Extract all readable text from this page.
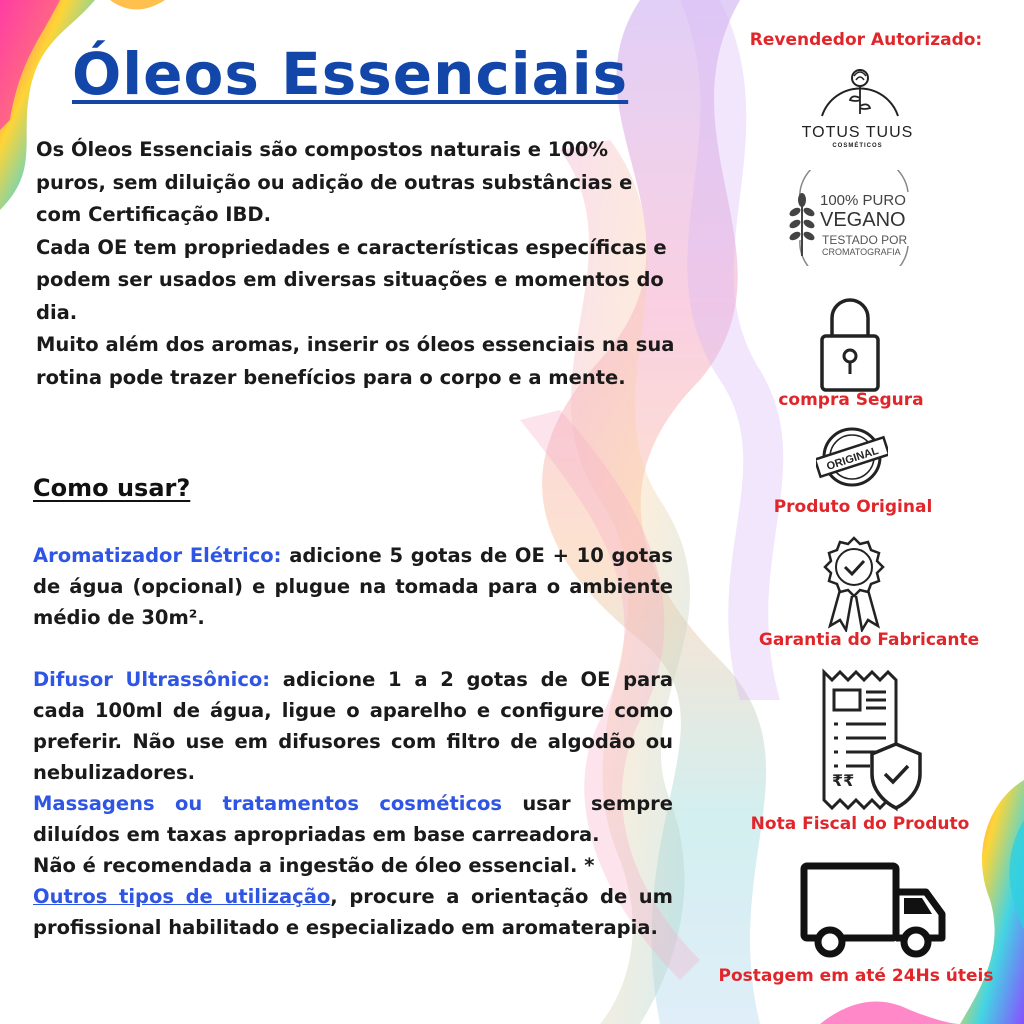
Óleos Essenciais

Os Óleos Essenciais são compostos naturais e 100% puros, sem diluição ou adição de outras substâncias e com Certificação IBD.

Cada OE tem propriedades e características específicas e podem ser usados em diversas situações e momentos do dia.

Muito além dos aromas, inserir os óleos essenciais na sua rotina pode trazer benefícios para o corpo e a mente.

Como usar?

Aromatizador Elétrico: adicione 5 gotas de OE + 10 gotas de água (opcional) e plugue na tomada para o ambiente médio de 30m².

Difusor Ultrassônico: adicione 1 a 2 gotas de OE para cada 100ml de água, ligue o aparelho e configure como preferir. Não use em difusores com filtro de algodão ou nebulizadores.

Massagens ou tratamentos cosméticos usar sempre diluídos em taxas apropriadas em base carreadora.

Não é recomendada a ingestão de óleo essencial. *

Outros tipos de utilização, procure a orientação de um profissional habilitado e especializado em aromaterapia.

Revendedor Autorizado:
TOTUS TUUS
COSMÉTICOS
100% PURO
VEGANO
TESTADO POR
CROMATOGRAFIA
compra Segura
ORIGINAL
Produto Original
Garantia do Fabricante
₹₹
Nota Fiscal do Produto
Postagem em até 24Hs úteis
